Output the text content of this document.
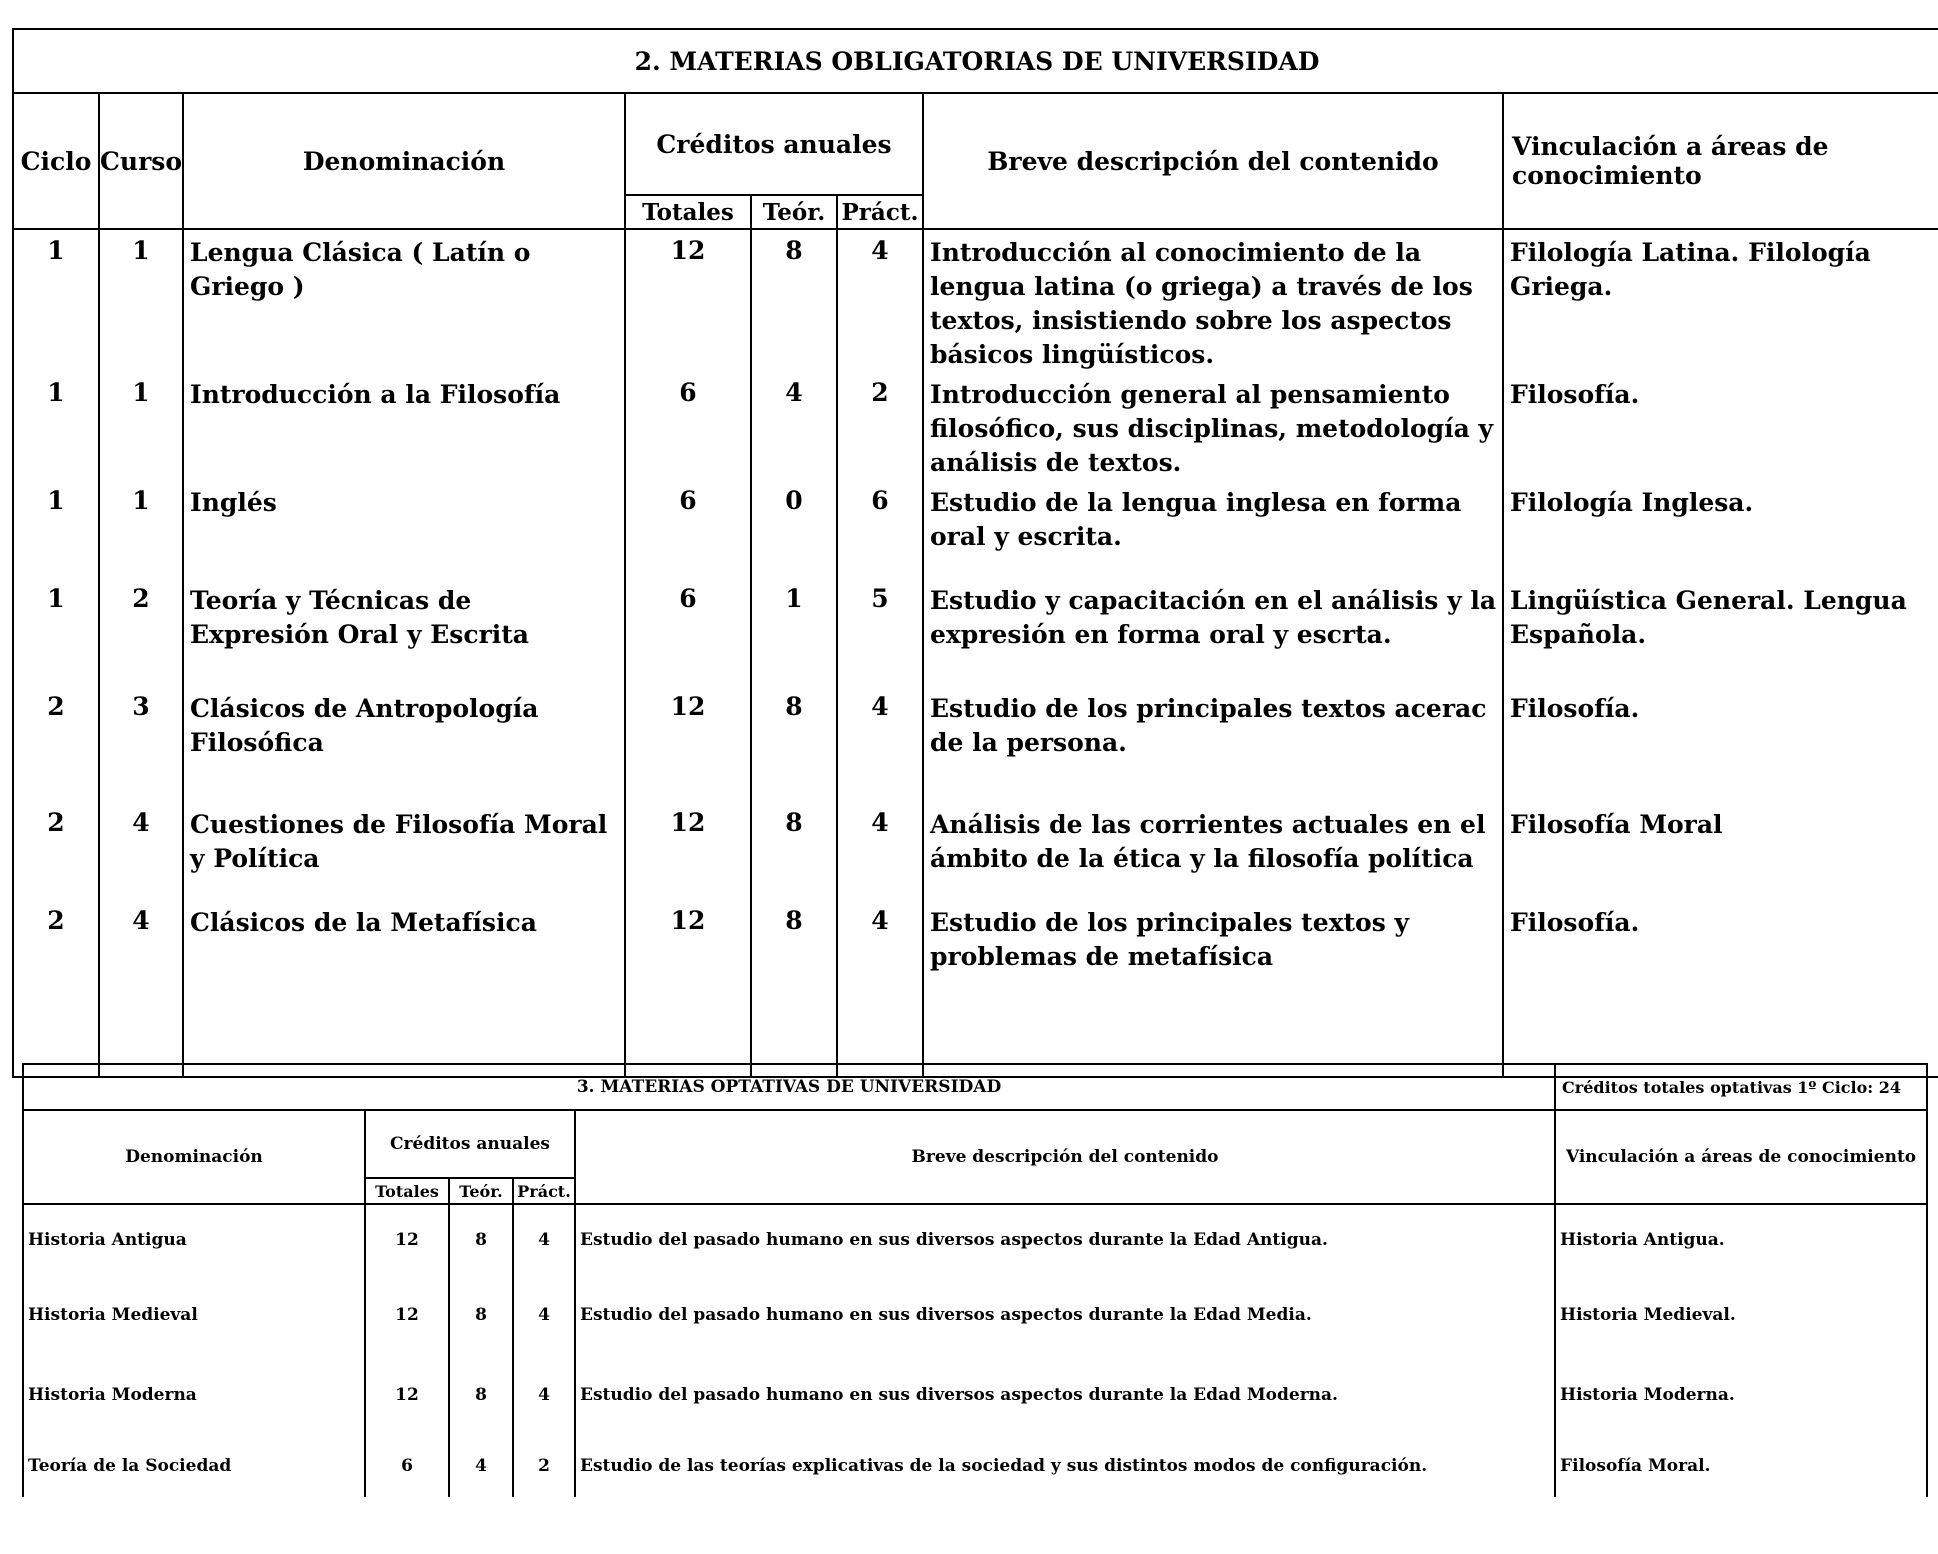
2. MATERIAS OBLIGATORIAS DE UNIVERSIDAD							
Ciclo	Curso	Denominación	Créditos anuales			Breve descripción del contenido	Vinculación a áreas de conocimiento
			Totales	Teór.	Práct.		
1	1	Lengua Clásica ( Latín o Griego )	12	8	4	Introducción al conocimiento de la lengua latina (o griega) a través de los textos, insistiendo sobre los aspectos básicos lingüísticos.	Filología Latina. Filología Griega.
1	1	Introducción a la Filosofía	6	4	2	Introducción general al pensamiento filosófico, sus disciplinas, metodología y análisis de textos.	Filosofía.
1	1	Inglés	6	0	6	Estudio de la lengua inglesa en forma oral y escrita.	Filología Inglesa.
1	2	Teoría y Técnicas de Expresión Oral y Escrita	6	1	5	Estudio y capacitación en el análisis y la expresión en forma oral y escrta.	Lingüística General. Lengua Española.
2	3	Clásicos de Antropología Filosófica	12	8	4	Estudio de los principales textos acerac de la persona.	Filosofía.
2	4	Cuestiones de Filosofía Moral y Política	12	8	4	Análisis de las corrientes actuales en el ámbito de la ética y la filosofía política	Filosofía Moral
2	4	Clásicos de la Metafísica	12	8	4	Estudio de los principales textos y problemas de metafísica	Filosofía.

3. MATERIAS OPTATIVAS DE UNIVERSIDAD					Créditos totales optativas 1º Ciclo: 24
Denominación	Créditos anuales			Breve descripción del contenido	Vinculación a áreas de conocimiento
	Totales	Teór.	Práct.		
Historia Antigua	12	8	4	Estudio del pasado humano en sus diversos aspectos durante la Edad Antigua.	Historia Antigua.
Historia Medieval	12	8	4	Estudio del pasado humano en sus diversos aspectos durante la Edad Media.	Historia Medieval.
Historia Moderna	12	8	4	Estudio del pasado humano en sus diversos aspectos durante la Edad Moderna.	Historia Moderna.
Teoría de la Sociedad	6	4	2	Estudio de las teorías explicativas de la sociedad y sus distintos modos de configuración.	Filosofía Moral.
